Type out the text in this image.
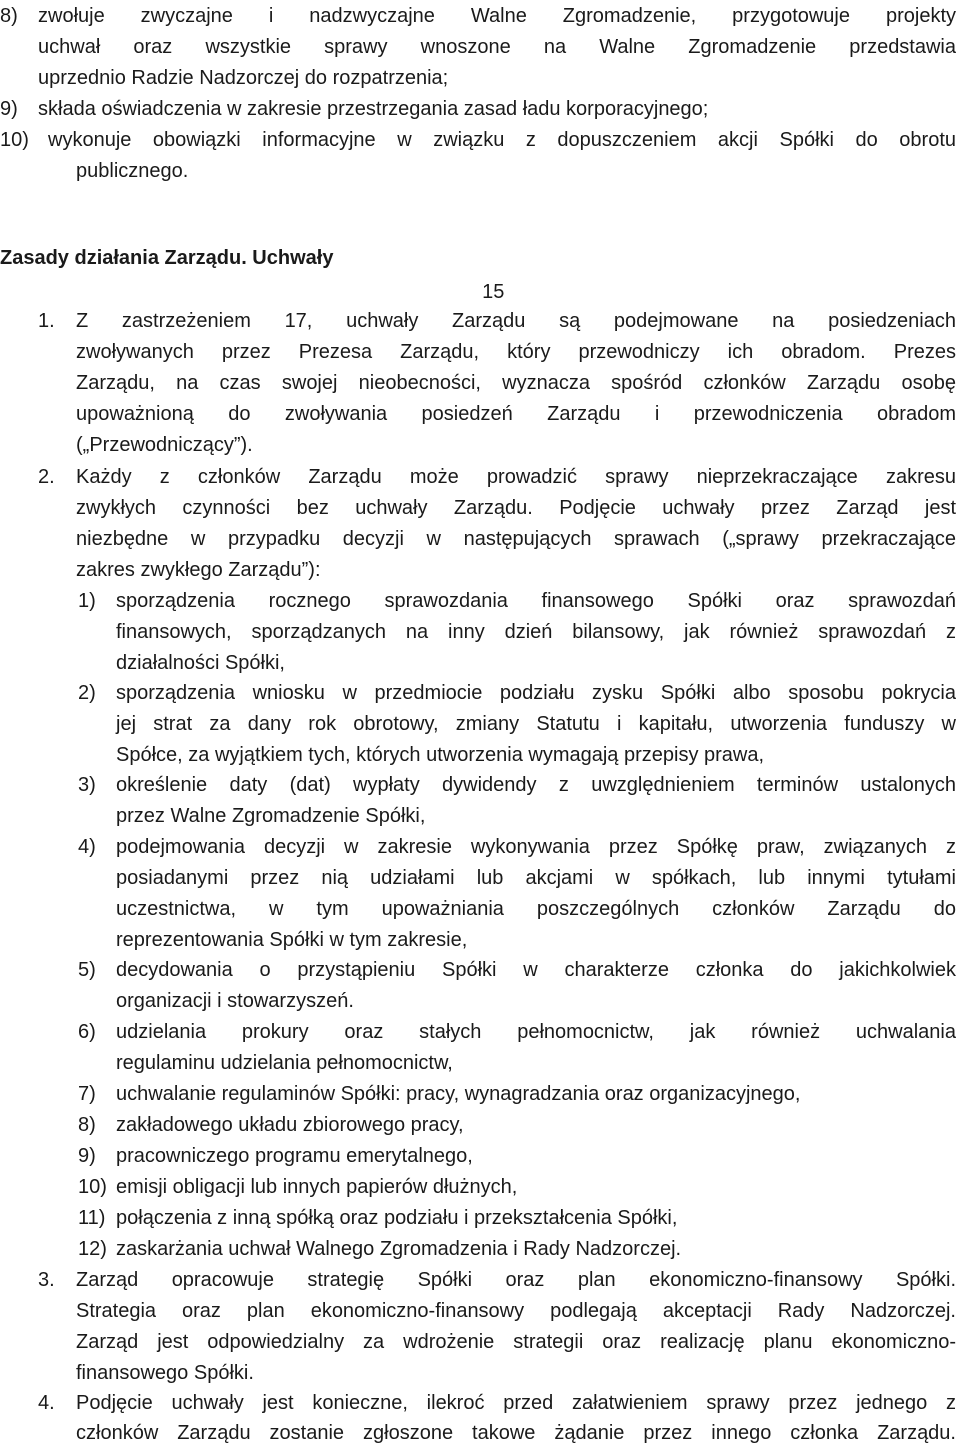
8) zwołuje zwyczajne i nadzwyczajne Walne Zgromadzenie, przygotowuje projekty
uchwał oraz wszystkie sprawy wnoszone na Walne Zgromadzenie przedstawia
uprzednio Radzie Nadzorczej do rozpatrzenia;
9) składa oświadczenia w zakresie przestrzegania zasad ładu korporacyjnego;
10) wykonuje obowiązki informacyjne w związku z dopuszczeniem akcji Spółki do obrotu
publicznego.
Zasady działania Zarządu. Uchwały
15
1. Z zastrzeżeniem 17, uchwały Zarządu są podejmowane na posiedzeniach
zwoływanych przez Prezesa Zarządu, który przewodniczy ich obradom. Prezes
Zarządu, na czas swojej nieobecności, wyznacza spośród członków Zarządu osobę
upoważnioną do zwoływania posiedzeń Zarządu i przewodniczenia obradom
(„Przewodniczący”).
2. Każdy z członków Zarządu może prowadzić sprawy nieprzekraczające zakresu
zwykłych czynności bez uchwały Zarządu. Podjęcie uchwały przez Zarząd jest
niezbędne w przypadku decyzji w następujących sprawach („sprawy przekraczające
zakres zwykłego Zarządu”):
1) sporządzenia rocznego sprawozdania finansowego Spółki oraz sprawozdań
finansowych, sporządzanych na inny dzień bilansowy, jak również sprawozdań z
działalności Spółki,
2) sporządzenia wniosku w przedmiocie podziału zysku Spółki albo sposobu pokrycia
jej strat za dany rok obrotowy, zmiany Statutu i kapitału, utworzenia funduszy w
Spółce, za wyjątkiem tych, których utworzenia wymagają przepisy prawa,
3) określenie daty (dat) wypłaty dywidendy z uwzględnieniem terminów ustalonych
przez Walne Zgromadzenie Spółki,
4) podejmowania decyzji w zakresie wykonywania przez Spółkę praw, związanych z
posiadanymi przez nią udziałami lub akcjami w spółkach, lub innymi tytułami
uczestnictwa, w tym upoważniania poszczególnych członków Zarządu do
reprezentowania Spółki w tym zakresie,
5) decydowania o przystąpieniu Spółki w charakterze członka do jakichkolwiek
organizacji i stowarzyszeń.
6) udzielania prokury oraz stałych pełnomocnictw, jak również uchwalania
regulaminu udzielania pełnomocnictw,
7) uchwalanie regulaminów Spółki: pracy, wynagradzania oraz organizacyjnego,
8) zakładowego układu zbiorowego pracy,
9) pracowniczego programu emerytalnego,
10) emisji obligacji lub innych papierów dłużnych,
11) połączenia z inną spółką oraz podziału i przekształcenia Spółki,
12) zaskarżania uchwał Walnego Zgromadzenia i Rady Nadzorczej.
3. Zarząd opracowuje strategię Spółki oraz plan ekonomiczno-finansowy Spółki.
Strategia oraz plan ekonomiczno-finansowy podlegają akceptacji Rady Nadzorczej.
Zarząd jest odpowiedzialny za wdrożenie strategii oraz realizację planu ekonomiczno-
finansowego Spółki.
4. Podjęcie uchwały jest konieczne, ilekroć przed załatwieniem sprawy przez jednego z
członków Zarządu zostanie zgłoszone takowe żądanie przez innego członka Zarządu.
